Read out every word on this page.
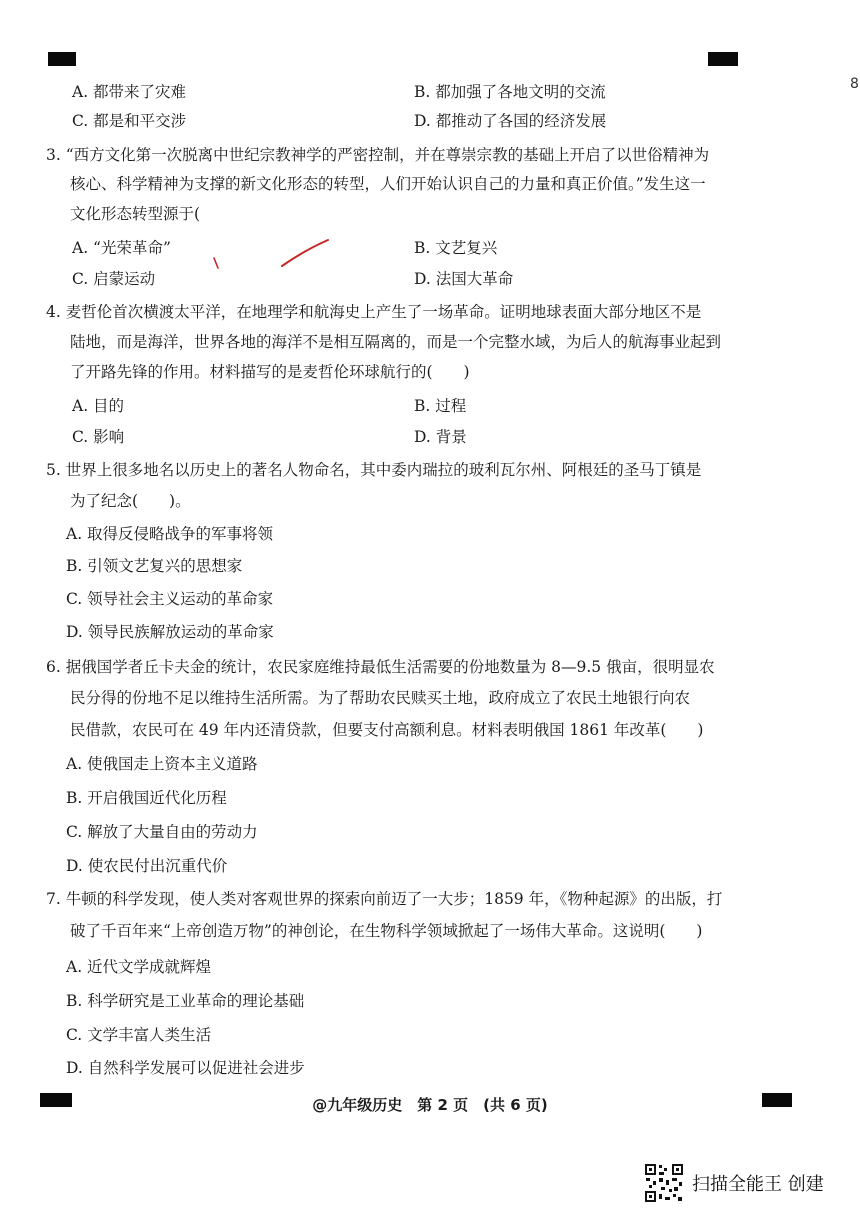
8
A. 都带来了灾难	B. 都加强了各地文明的交流
C. 都是和平交涉	D. 都推动了各国的经济发展
3. “西方文化第一次脱离中世纪宗教神学的严密控制，并在尊崇宗教的基础上开启了以世俗精神为
核心、科学精神为支撑的新文化形态的转型，人们开始认识自己的力量和真正价值。”发生这一
文化形态转型源于(
A. “光荣革命”	B. 文艺复兴
C. 启蒙运动	D. 法国大革命
4. 麦哲伦首次横渡太平洋，在地理学和航海史上产生了一场革命。证明地球表面大部分地区不是
陆地，而是海洋，世界各地的海洋不是相互隔离的，而是一个完整水域，为后人的航海事业起到
了开路先锋的作用。材料描写的是麦哲伦环球航行的(　　)
A. 目的	B. 过程
C. 影响	D. 背景
5. 世界上很多地名以历史上的著名人物命名，其中委内瑞拉的玻利瓦尔州、阿根廷的圣马丁镇是
为了纪念(　　)。
A. 取得反侵略战争的军事将领
B. 引领文艺复兴的思想家
C. 领导社会主义运动的革命家
D. 领导民族解放运动的革命家
6. 据俄国学者丘卡夫金的统计，农民家庭维持最低生活需要的份地数量为 8—9.5 俄亩，很明显农
民分得的份地不足以维持生活所需。为了帮助农民赎买土地，政府成立了农民土地银行向农
民借款，农民可在 49 年内还清贷款，但要支付高额利息。材料表明俄国 1861 年改革(　　)
A. 使俄国走上资本主义道路
B. 开启俄国近代化历程
C. 解放了大量自由的劳动力
D. 使农民付出沉重代价
7. 牛顿的科学发现，使人类对客观世界的探索向前迈了一大步；1859 年，《物种起源》的出版，打
破了千百年来“上帝创造万物”的神创论，在生物科学领域掀起了一场伟大革命。这说明(　　)
A. 近代文学成就辉煌
B. 科学研究是工业革命的理论基础
C. 文学丰富人类生活
D. 自然科学发展可以促进社会进步
@九年级历史　第 2 页　(共 6 页)
扫描全能王 创建
